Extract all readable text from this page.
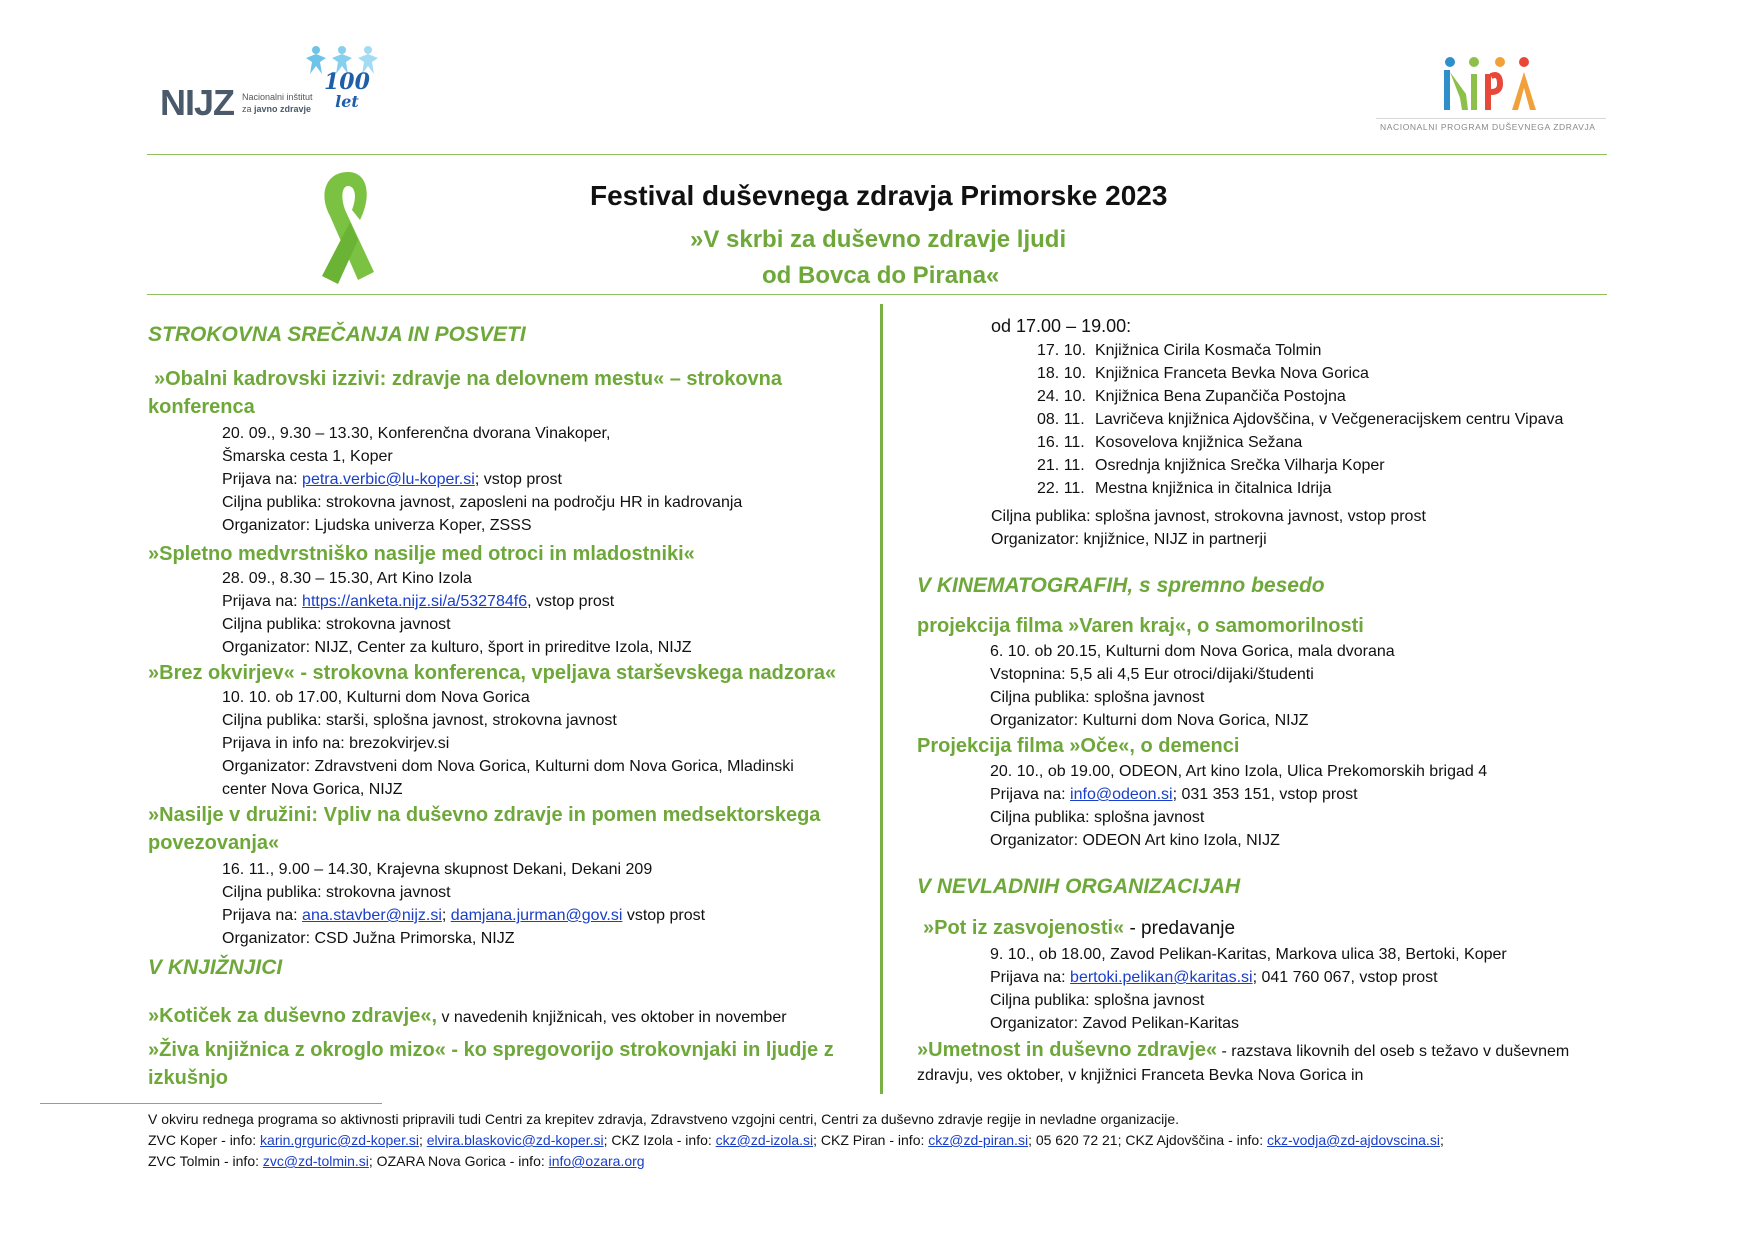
NIJZ Nacionalni inštitut
za javno zdravje
100
let
NACIONALNI PROGRAM DUŠEVNEGA ZDRAVJA
Festival duševnega zdravja Primorske 2023
»V skrbi za duševno zdravje ljudi
od Bovca do Pirana«
STROKOVNA SREČANJA IN POSVETI
»Obalni kadrovski izzivi: zdravje na delovnem mestu« – strokovna
konferenca
20. 09., 9.30 – 13.30, Konferenčna dvorana Vinakoper,
Šmarska cesta 1, Koper
Prijava na: petra.verbic@lu-koper.si; vstop prost
Ciljna publika: strokovna javnost, zaposleni na področju HR in kadrovanja
Organizator: Ljudska univerza Koper, ZSSS
»Spletno medvrstniško nasilje med otroci in mladostniki«
28. 09., 8.30 – 15.30, Art Kino Izola
Prijava na: https://anketa.nijz.si/a/532784f6, vstop prost
Ciljna publika: strokovna javnost
Organizator: NIJZ, Center za kulturo, šport in prireditve Izola, NIJZ
»Brez okvirjev« - strokovna konferenca, vpeljava starševskega nadzora«
10. 10. ob 17.00, Kulturni dom Nova Gorica
Ciljna publika: starši, splošna javnost, strokovna javnost
Prijava in info na: brezokvirjev.si
Organizator: Zdravstveni dom Nova Gorica, Kulturni dom Nova Gorica, Mladinski
center Nova Gorica, NIJZ
»Nasilje v družini: Vpliv na duševno zdravje in pomen medsektorskega
povezovanja«
16. 11., 9.00 – 14.30, Krajevna skupnost Dekani, Dekani 209
Ciljna publika: strokovna javnost
Prijava na: ana.stavber@nijz.si; damjana.jurman@gov.si vstop prost
Organizator: CSD Južna Primorska, NIJZ
V KNJIŽNJICI
»Kotiček za duševno zdravje«, v navedenih knjižnicah, ves oktober in november
»Živa knjižnica z okroglo mizo« - ko spregovorijo strokovnjaki in ljudje z
izkušnjo
od 17.00 – 19.00:
17. 10. Knjižnica Cirila Kosmača Tolmin
18. 10. Knjižnica Franceta Bevka Nova Gorica
24. 10. Knjižnica Bena Zupančiča Postojna
08. 11. Lavričeva knjižnica Ajdovščina, v Večgeneracijskem centru Vipava
16. 11. Kosovelova knjižnica Sežana
21. 11. Osrednja knjižnica Srečka Vilharja Koper
22. 11. Mestna knjižnica in čitalnica Idrija
Ciljna publika: splošna javnost, strokovna javnost, vstop prost
Organizator: knjižnice, NIJZ in partnerji
V KINEMATOGRAFIH, s spremno besedo
projekcija filma »Varen kraj«, o samomorilnosti
6. 10. ob 20.15, Kulturni dom Nova Gorica, mala dvorana
Vstopnina: 5,5 ali 4,5 Eur otroci/dijaki/študenti
Ciljna publika: splošna javnost
Organizator: Kulturni dom Nova Gorica, NIJZ
Projekcija filma »Oče«, o demenci
20. 10., ob 19.00, ODEON, Art kino Izola, Ulica Prekomorskih brigad 4
Prijava na: info@odeon.si; 031 353 151, vstop prost
Ciljna publika: splošna javnost
Organizator: ODEON Art kino Izola, NIJZ
V NEVLADNIH ORGANIZACIJAH
»Pot iz zasvojenosti« - predavanje
9. 10., ob 18.00, Zavod Pelikan-Karitas, Markova ulica 38, Bertoki, Koper
Prijava na: bertoki.pelikan@karitas.si; 041 760 067, vstop prost
Ciljna publika: splošna javnost
Organizator: Zavod Pelikan-Karitas
»Umetnost in duševno zdravje« - razstava likovnih del oseb s težavo v duševnem
zdravju, ves oktober, v knjižnici Franceta Bevka Nova Gorica in
V okviru rednega programa so aktivnosti pripravili tudi Centri za krepitev zdravja, Zdravstveno vzgojni centri, Centri za duševno zdravje regije in nevladne organizacije.
ZVC Koper - info: karin.grguric@zd-koper.si; elvira.blaskovic@zd-koper.si; CKZ Izola - info: ckz@zd-izola.si; CKZ Piran - info: ckz@zd-piran.si; 05 620 72 21; CKZ Ajdovščina - info: ckz-vodja@zd-ajdovscina.si;
ZVC Tolmin - info: zvc@zd-tolmin.si; OZARA Nova Gorica - info: info@ozara.org
